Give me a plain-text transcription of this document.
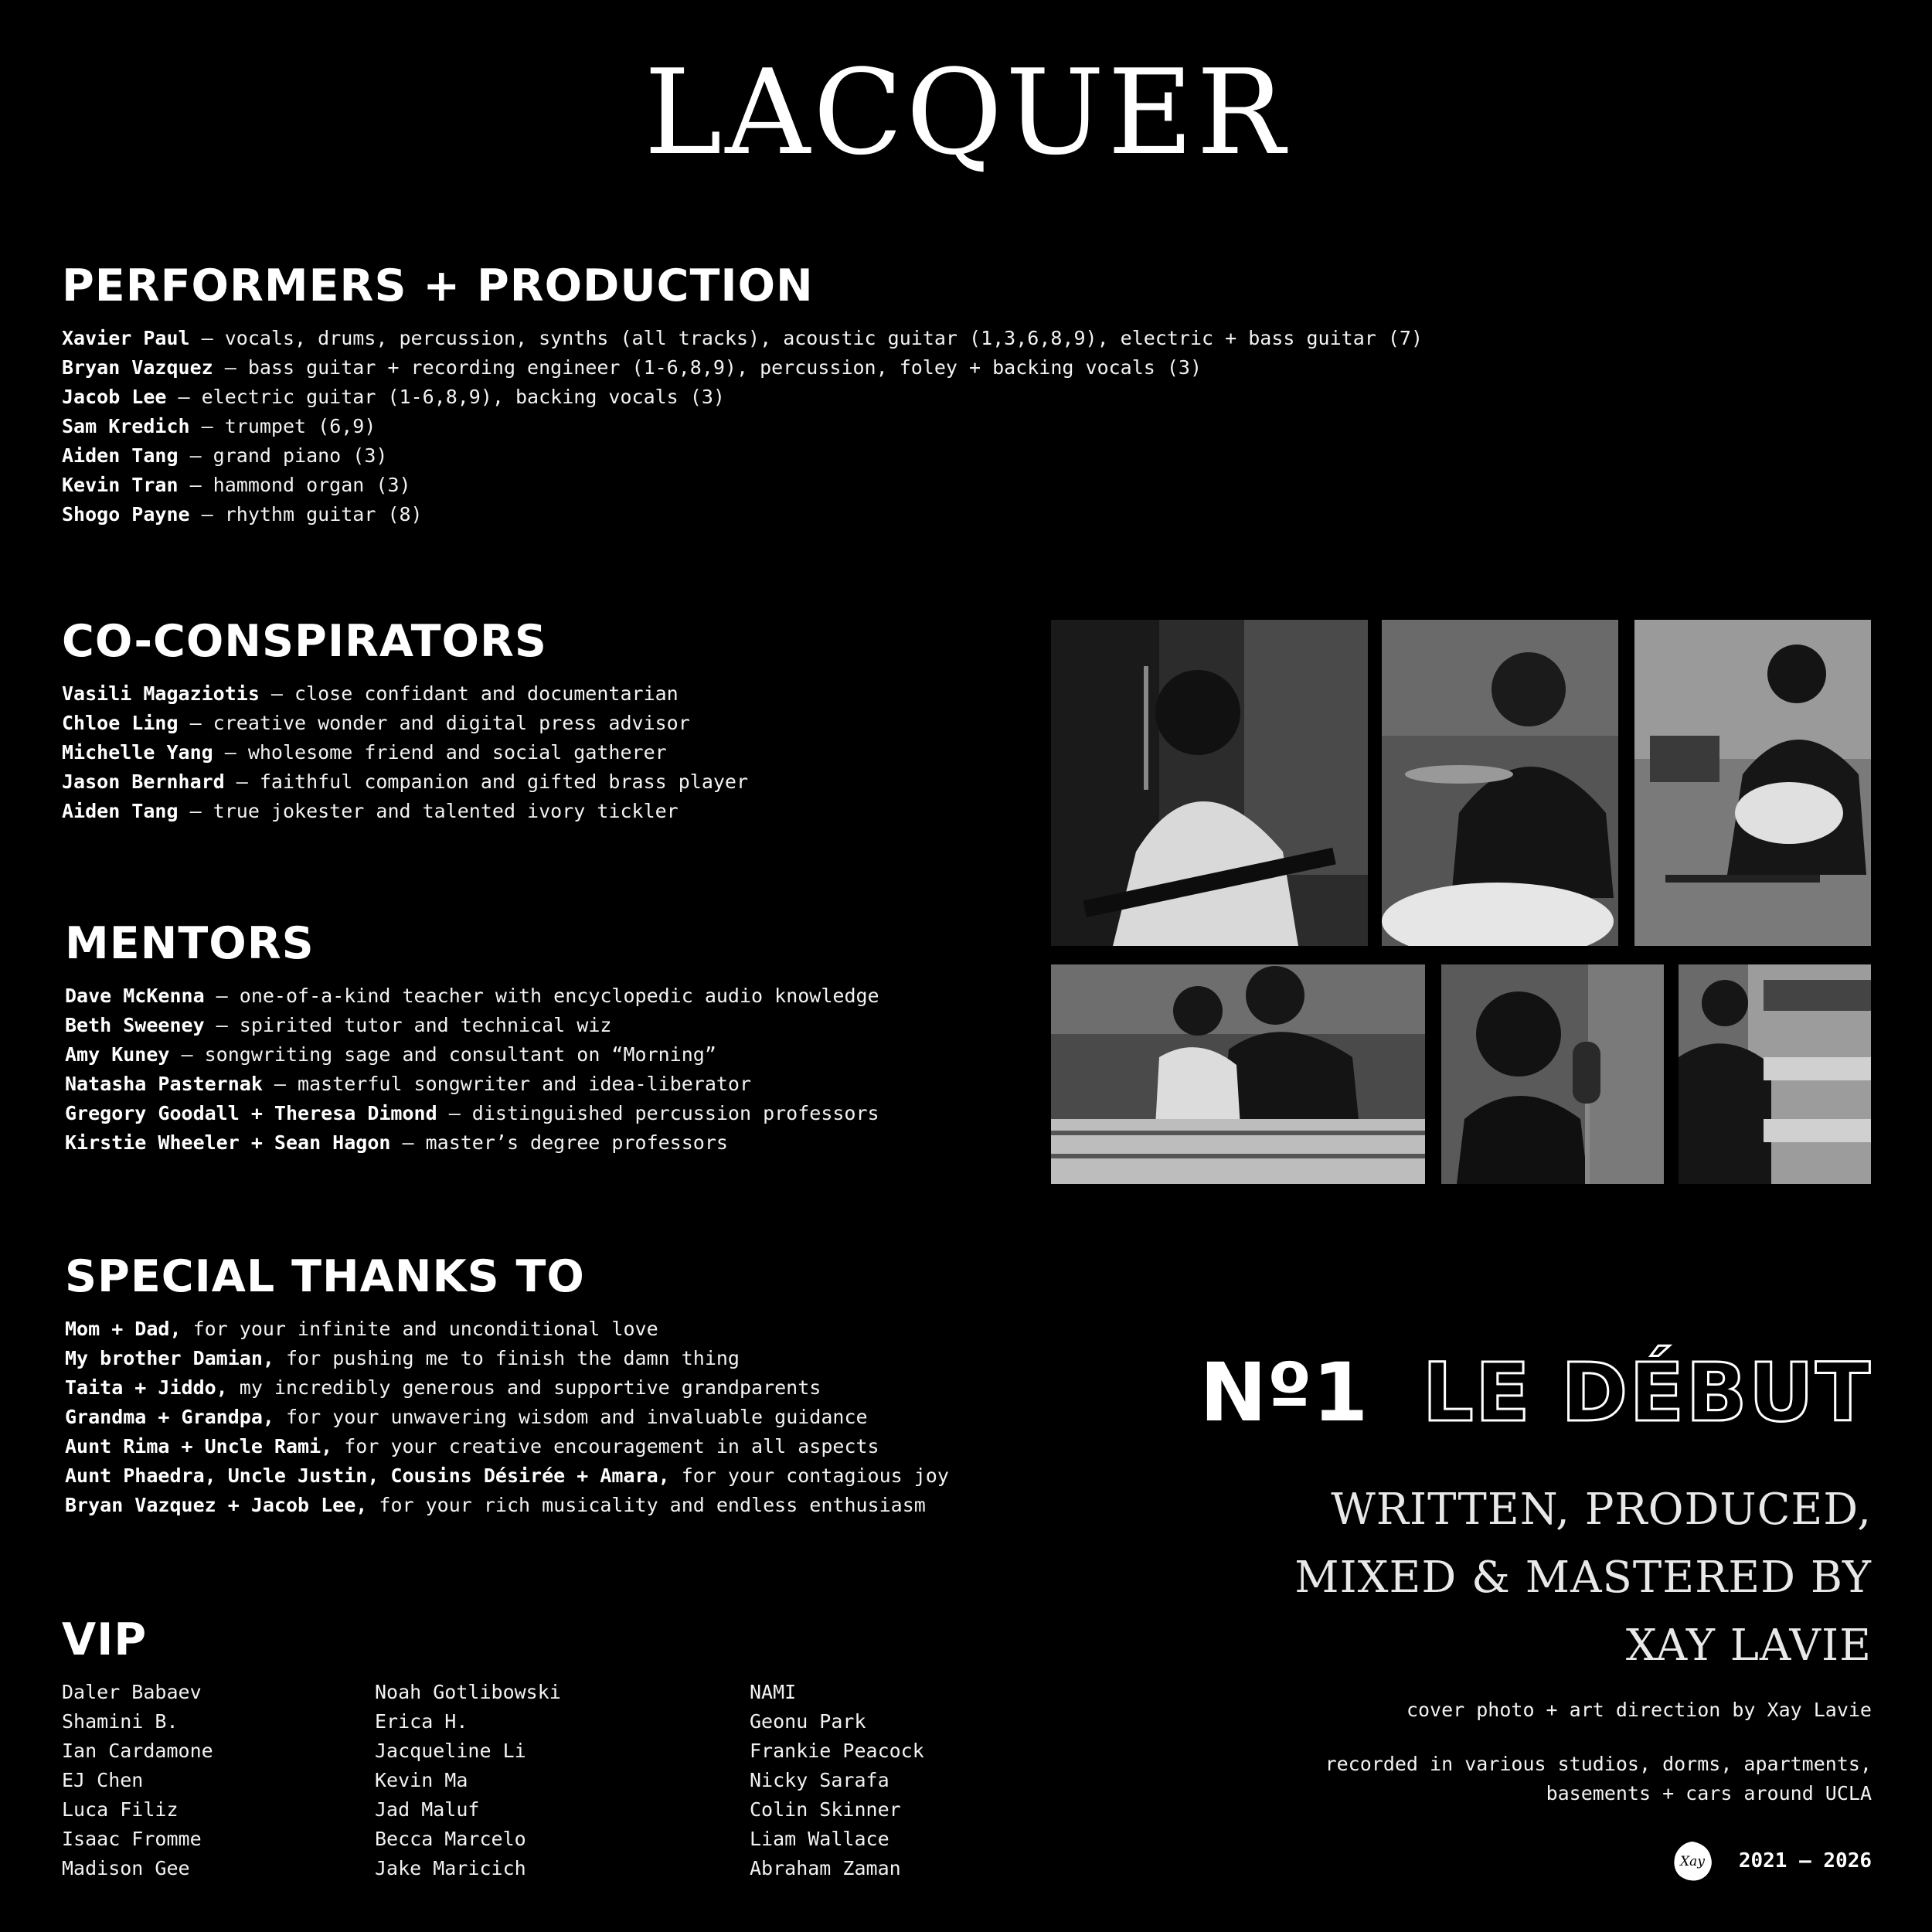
LACQUER
PERFORMERS + PRODUCTION
Xavier Paul – vocals, drums, percussion, synths (all tracks), acoustic guitar (1,3,6,8,9), electric + bass guitar (7)
Bryan Vazquez – bass guitar + recording engineer (1-6,8,9), percussion, foley + backing vocals (3)
Jacob Lee – electric guitar (1-6,8,9), backing vocals (3)
Sam Kredich – trumpet (6,9)
Aiden Tang – grand piano (3)
Kevin Tran – hammond organ (3)
Shogo Payne – rhythm guitar (8)
CO-CONSPIRATORS
Vasili Magaziotis – close confidant and documentarian
Chloe Ling – creative wonder and digital press advisor
Michelle Yang – wholesome friend and social gatherer
Jason Bernhard – faithful companion and gifted brass player
Aiden Tang – true jokester and talented ivory tickler
MENTORS
Dave McKenna – one-of-a-kind teacher with encyclopedic audio knowledge
Beth Sweeney – spirited tutor and technical wiz
Amy Kuney – songwriting sage and consultant on “Morning”
Natasha Pasternak – masterful songwriter and idea-liberator
Gregory Goodall + Theresa Dimond – distinguished percussion professors
Kirstie Wheeler + Sean Hagon – master’s degree professors
SPECIAL THANKS TO
Mom + Dad, for your infinite and unconditional love
My brother Damian, for pushing me to finish the damn thing
Taita + Jiddo, my incredibly generous and supportive grandparents
Grandma + Grandpa, for your unwavering wisdom and invaluable guidance
Aunt Rima + Uncle Rami, for your creative encouragement in all aspects
Aunt Phaedra, Uncle Justin, Cousins Désirée + Amara, for your contagious joy
Bryan Vazquez + Jacob Lee, for your rich musicality and endless enthusiasm
VIP
Daler Babaev
Shamini B.
Ian Cardamone
EJ Chen
Luca Filiz
Isaac Fromme
Madison Gee
Noah Gotlibowski
Erica H.
Jacqueline Li
Kevin Ma
Jad Maluf
Becca Marcelo
Jake Maricich
NAMI
Geonu Park
Frankie Peacock
Nicky Sarafa
Colin Skinner
Liam Wallace
Abraham Zaman
Nº1 LE DÉBUT
WRITTEN, PRODUCED,
MIXED & MASTERED BY
XAY LAVIE
cover photo + art direction by Xay Lavie
recorded in various studios, dorms, apartments,
basements + cars around UCLA
Xay 2021 – 2026
